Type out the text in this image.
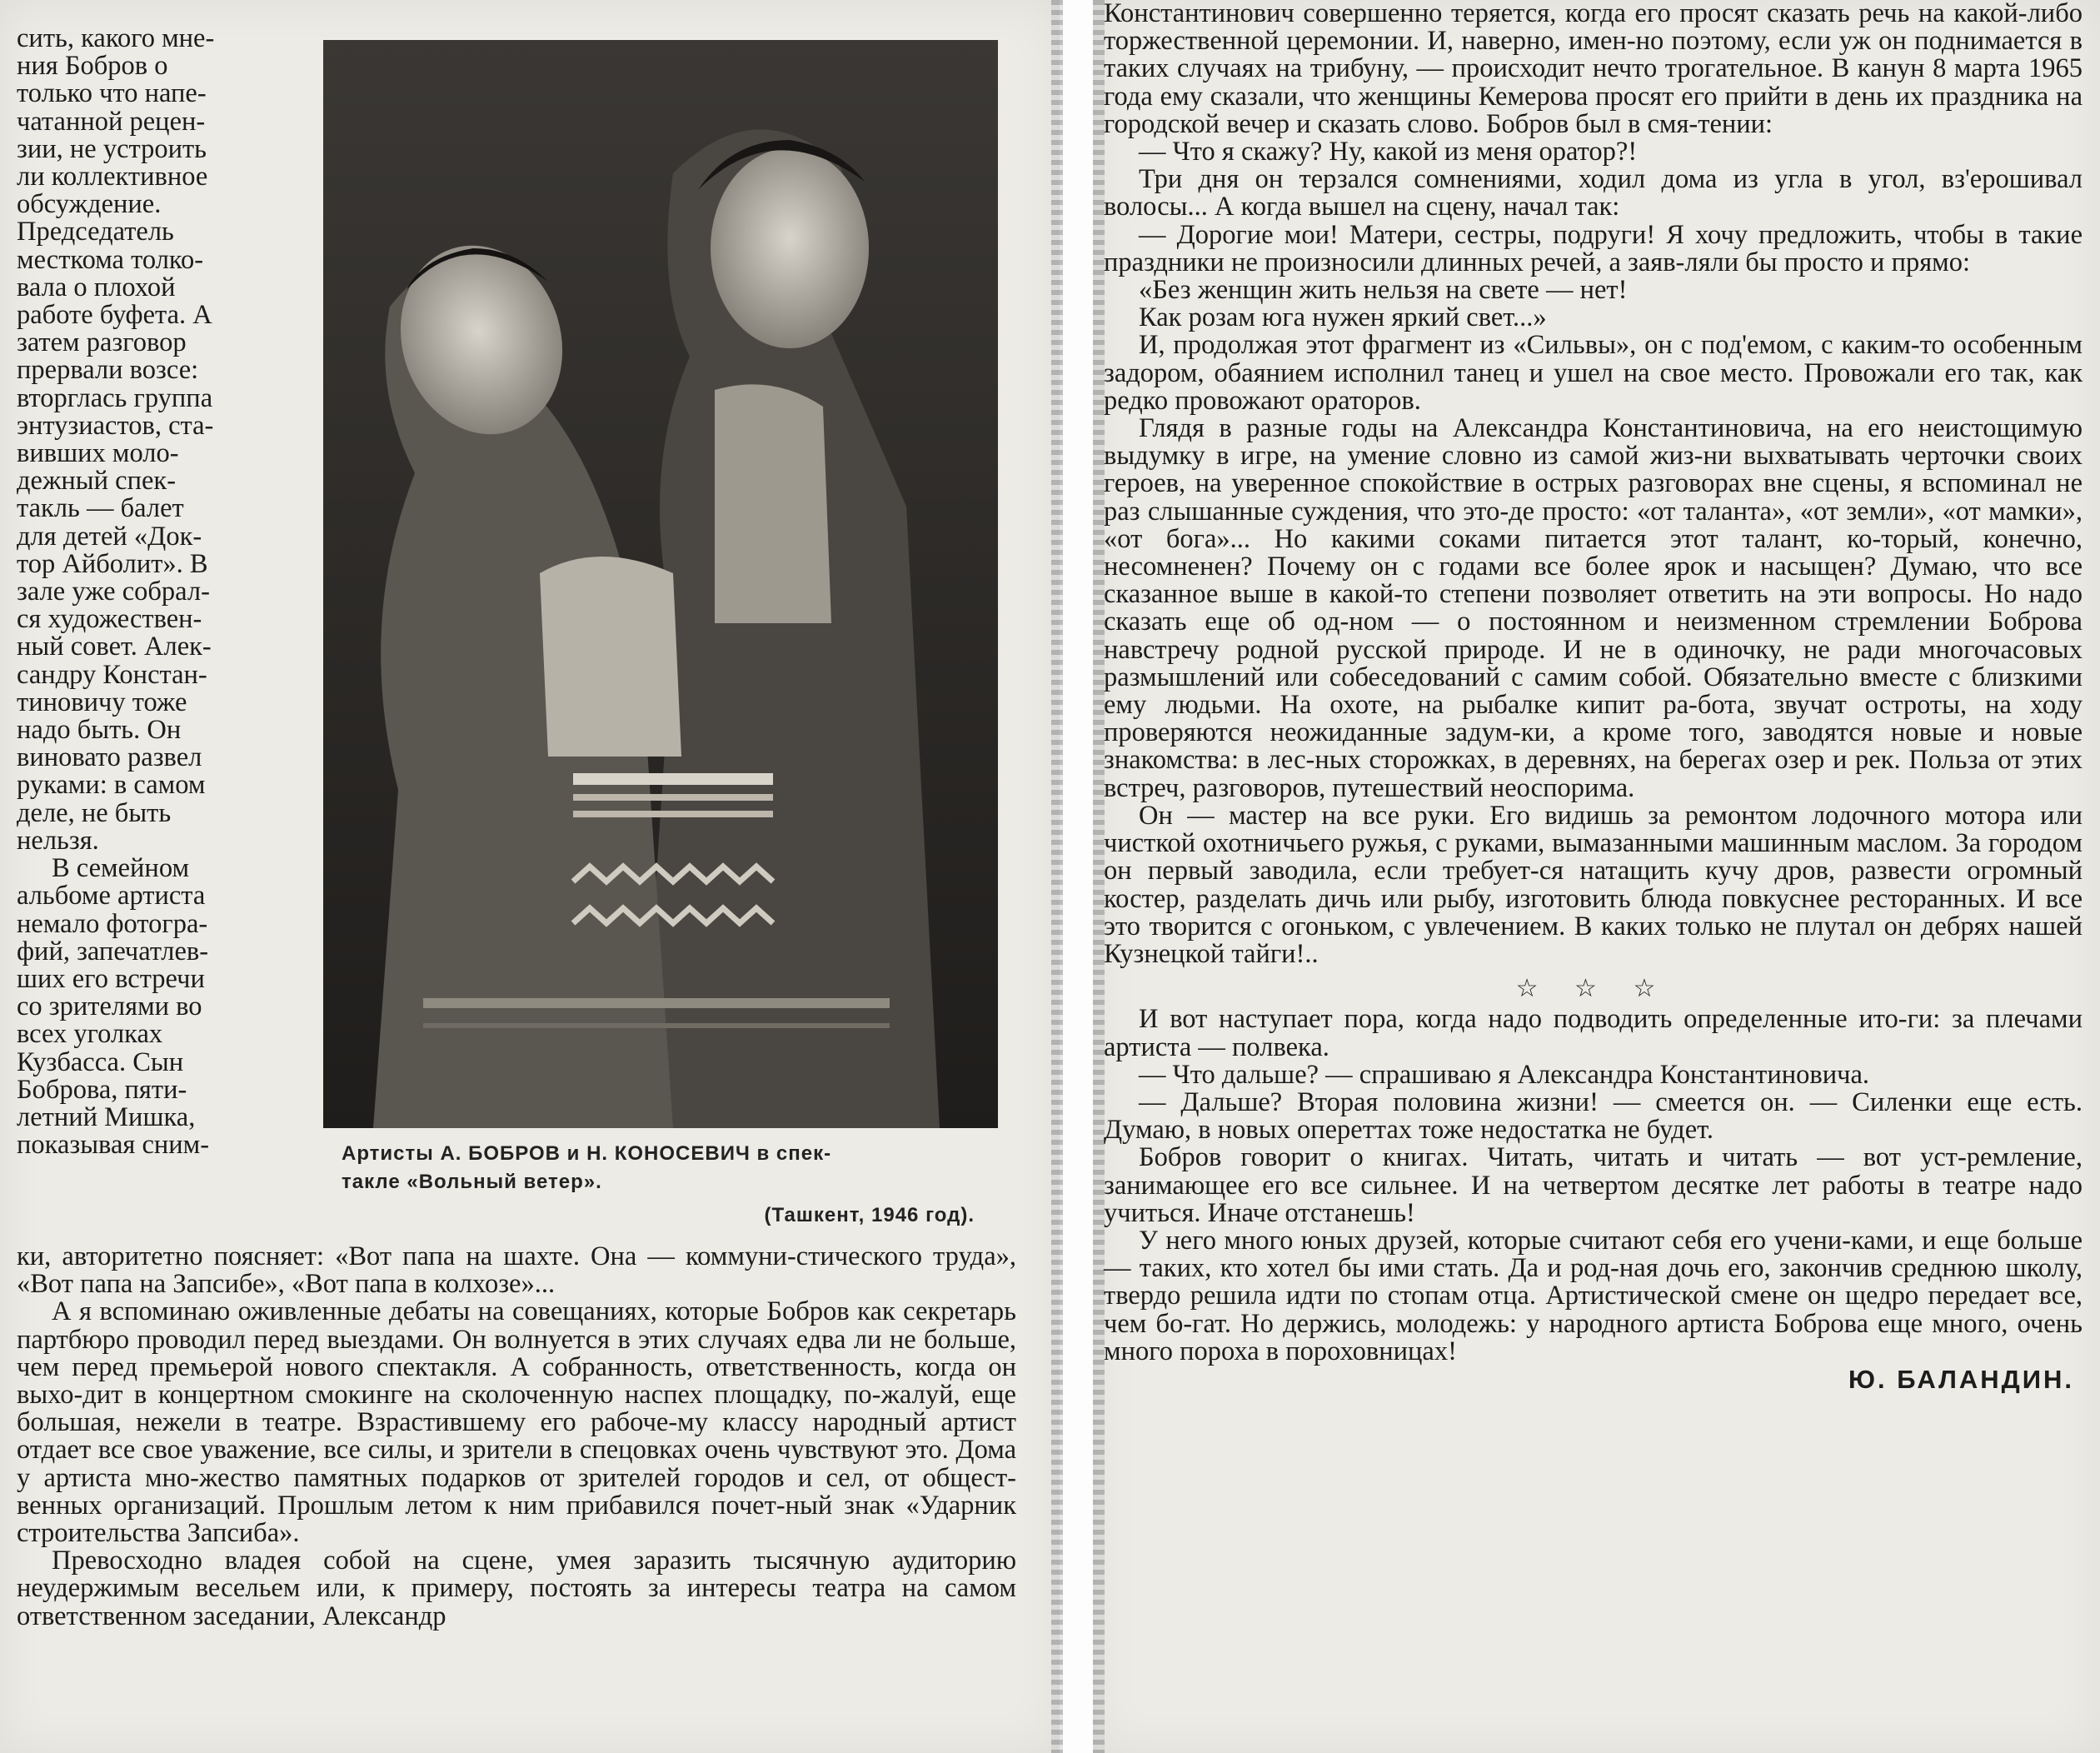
сить, какого мне-

ния Бобров о

только что напе-

чатанной рецен-

зии, не устроить

ли коллективное

обсуждение.

Председатель

месткома толко-

вала о плохой

работе буфета. А

затем разговор

прервали возсе:

вторглась группа

энтузиастов, ста-

вивших моло-

дежный спек-

такль — балет

для детей «Док-

тор Айболит». В

зале уже собрал-

ся художествен-

ный совет. Алек-

сандру Констан-

тиновичу тоже

надо быть. Он

виновато развел

руками: в самом

деле, не быть

нельзя.

В семейном

альбоме артиста

немало фотогра-

фий, запечатлев-

ших его встречи

со зрителями во

всех уголках

Кузбасса. Сын

Боброва, пяти-

летний Мишка,

показывая сним-	Артисты А. БОБРОВ и Н. КОНОСЕВИЧ в спек-
такле «Вольный ветер».
(Ташкент, 1946 год).

ки, авторитетно поясняет: «Вот папа на шахте. Она — коммуни-стического труда», «Вот папа на Запсибе», «Вот папа в колхозе»...

А я вспоминаю оживленные дебаты на совещаниях, которые Бобров как секретарь партбюро проводил перед выездами. Он волнуется в этих случаях едва ли не больше, чем перед премьерой нового спектакля. А собранность, ответственность, когда он выхо-дит в концертном смокинге на сколоченную наспех площадку, по-жалуй, еще большая, нежели в театре. Взрастившему его рабоче-му классу народный артист отдает все свое уважение, все силы, и зрители в спецовках очень чувствуют это. Дома у артиста мно-жество памятных подарков от зрителей городов и сел, от общест-венных организаций. Прошлым летом к ним прибавился почет-ный знак «Ударник строительства Запсиба».

Превосходно владея собой на сцене, умея заразить тысячную аудиторию неудержимым весельем или, к примеру, постоять за интересы театра на самом ответственном заседании, Александр

Константинович совершенно теряется, когда его просят сказать речь на какой-либо торжественной церемонии. И, наверно, имен-но поэтому, если уж он поднимается в таких случаях на трибуну, — происходит нечто трогательное. В канун 8 марта 1965 года ему сказали, что женщины Кемерова просят его прийти в день их праздника на городской вечер и сказать слово. Бобров был в смя-тении:

— Что я скажу? Ну, какой из меня оратор?!

Три дня он терзался сомнениями, ходил дома из угла в угол, вз'ерошивал волосы... А когда вышел на сцену, начал так:

— Дорогие мои! Матери, сестры, подруги! Я хочу предложить, чтобы в такие праздники не произносили длинных речей, а заяв-ляли бы просто и прямо:

«Без женщин жить нельзя на свете — нет!

Как розам юга нужен яркий свет...»

И, продолжая этот фрагмент из «Сильвы», он с под'емом, с каким-то особенным задором, обаянием исполнил танец и ушел на свое место. Провожали его так, как редко провожают ораторов.

Глядя в разные годы на Александра Константиновича, на его неистощимую выдумку в игре, на умение словно из самой жиз-ни выхватывать черточки своих героев, на уверенное спокойствие в острых разговорах вне сцены, я вспоминал не раз слышанные суждения, что это-де просто: «от таланта», «от земли», «от мамки», «от бога»... Но какими соками питается этот талант, ко-торый, конечно, несомненен? Почему он с годами все более ярок и насыщен? Думаю, что все сказанное выше в какой-то степени позволяет ответить на эти вопросы. Но надо сказать еще об од-ном — о постоянном и неизменном стремлении Боброва навстречу родной русской природе. И не в одиночку, не ради многочасовых размышлений или собеседований с самим собой. Обязательно вместе с близкими ему людьми. На охоте, на рыбалке кипит ра-бота, звучат остроты, на ходу проверяются неожиданные задум-ки, а кроме того, заводятся новые и новые знакомства: в лес-ных сторожках, в деревнях, на берегах озер и рек. Польза от этих встреч, разговоров, путешествий неоспорима.

Он — мастер на все руки. Его видишь за ремонтом лодочного мотора или чисткой охотничьего ружья, с руками, вымазанными машинным маслом. За городом он первый заводила, если требует-ся натащить кучу дров, развести огромный костер, разделать дичь или рыбу, изготовить блюда повкуснее ресторанных. И все это творится с огоньком, с увлечением. В каких только не плутал он дебрях нашей Кузнецкой тайги!..

☆ ☆ ☆

И вот наступает пора, когда надо подводить определенные ито-ги: за плечами артиста — полвека.

— Что дальше? — спрашиваю я Александра Константиновича.

— Дальше? Вторая половина жизни! — смеется он. — Силенки еще есть. Думаю, в новых опереттах тоже недостатка не будет.

Бобров говорит о книгах. Читать, читать и читать — вот уст-ремление, занимающее его все сильнее. И на четвертом десятке лет работы в театре надо учиться. Иначе отстанешь!

У него много юных друзей, которые считают себя его учени-ками, и еще больше — таких, кто хотел бы ими стать. Да и род-ная дочь его, закончив среднюю школу, твердо решила идти по стопам отца. Артистической смене он щедро передает все, чем бо-гат. Но держись, молодежь: у народного артиста Боброва еще много, очень много пороха в пороховницах!

Ю. БАЛАНДИН.
